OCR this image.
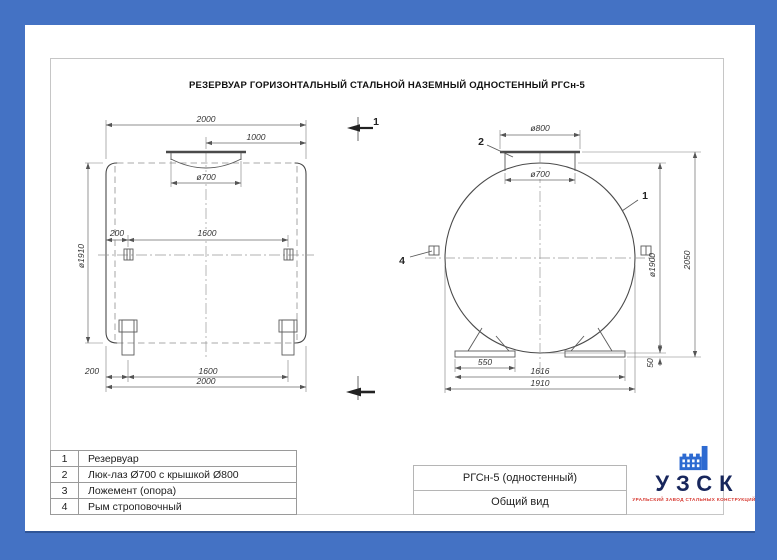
РЕЗЕРВУАР ГОРИЗОНТАЛЬНЫЙ СТАЛЬНОЙ НАЗЕМНЫЙ ОДНОСТЕННЫЙ РГСн-5
2000
1000
ø700
200	1600
ø1910
200	1600
2000
1	ø800
ø700
2
1
4	ø1900	2050
50
550
1616
1910
1	Резервуар
2	Люк-лаз Ø700 с крышкой Ø800
3	Ложемент (опора)
4	Рым строповочный
РГСн-5 (одностенный)
Общий вид
УЗСК
УРАЛЬСКИЙ ЗАВОД СТАЛЬНЫХ КОНСТРУКЦИЙ
